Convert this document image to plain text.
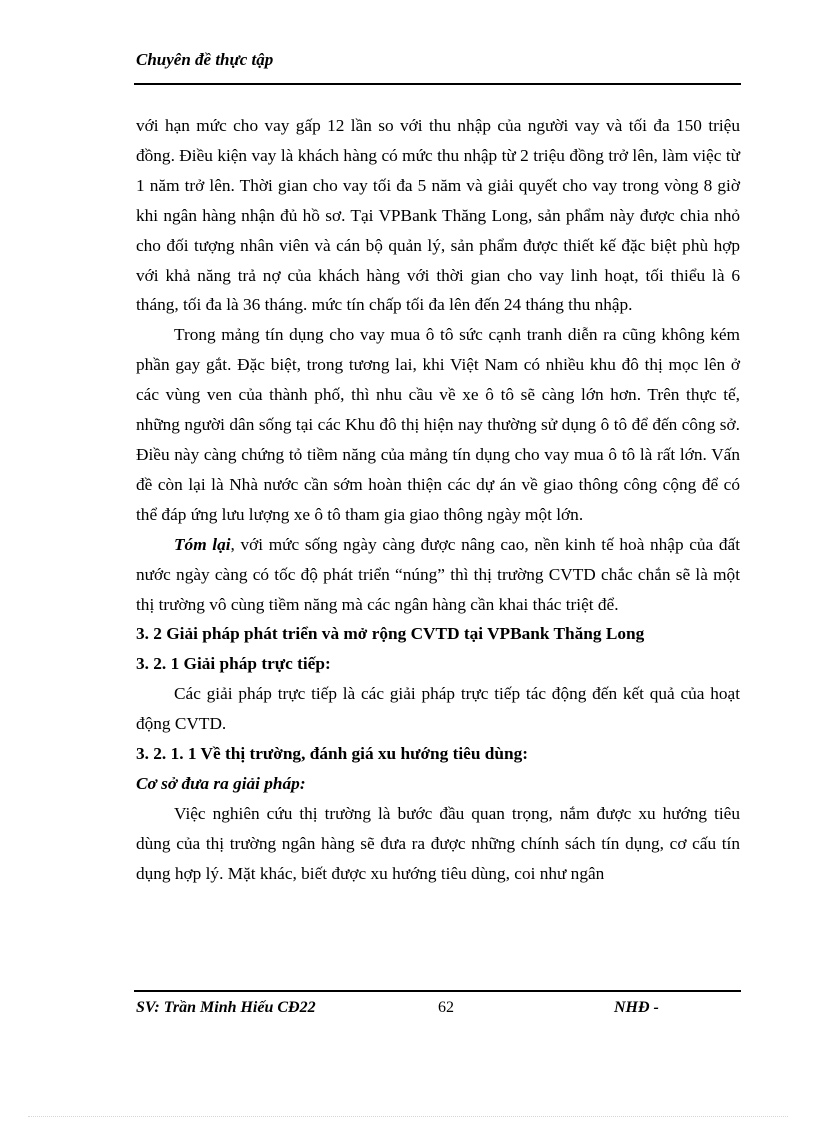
Chuyên đề thực tập

với hạn mức cho vay gấp 12 lần so với thu nhập của người vay và tối đa 150 triệu đồng. Điều kiện vay là khách hàng có mức thu nhập từ 2 triệu đồng trở lên, làm việc từ 1 năm trở lên. Thời gian cho vay tối đa 5 năm và giải quyết cho vay trong vòng 8 giờ khi ngân hàng nhận đủ hồ sơ. Tại VPBank Thăng Long, sản phẩm này được chia nhỏ cho đối tượng nhân viên và cán bộ quản lý, sản phẩm được thiết kế đặc biệt phù hợp với khả năng trả nợ của khách hàng với thời gian cho vay linh hoạt, tối thiểu là 6 tháng, tối đa là 36 tháng. mức tín chấp tối đa lên đến 24 tháng thu nhập.

Trong mảng tín dụng cho vay mua ô tô sức cạnh tranh diễn ra cũng không kém phần gay gắt. Đặc biệt, trong tương lai, khi Việt Nam có nhiều khu đô thị mọc lên ở các vùng ven của thành phố, thì nhu cầu về xe ô tô sẽ càng lớn hơn. Trên thực tế, những người dân sống tại các Khu đô thị hiện nay thường sử dụng ô tô để đến công sở. Điều này càng chứng tỏ tiềm năng của mảng tín dụng cho vay mua ô tô là rất lớn. Vấn đề còn lại là Nhà nước cần sớm hoàn thiện các dự án về giao thông công cộng để có thể đáp ứng lưu lượng xe ô tô tham gia giao thông ngày một lớn.

Tóm lại, với mức sống ngày càng được nâng cao, nền kinh tế hoà nhập của đất nước ngày càng có tốc độ phát triển “núng” thì thị trường CVTD chắc chắn sẽ là một thị trường vô cùng tiềm năng mà các ngân hàng cần khai thác triệt để.

3. 2 Giải pháp phát triển và mở rộng CVTD tại VPBank Thăng Long
3. 2. 1 Giải pháp trực tiếp:

Các giải pháp trực tiếp là các giải pháp trực tiếp tác động đến kết quả của hoạt động CVTD.

3. 2. 1. 1 Về thị trường, đánh giá xu hướng tiêu dùng:
Cơ sở đưa ra giải pháp:

Việc nghiên cứu thị trường là bước đầu quan trọng, nắm được xu hướng tiêu dùng của thị trường ngân hàng sẽ đưa ra được những chính sách tín dụng, cơ cấu tín dụng hợp lý. Mặt khác, biết được xu hướng tiêu dùng, coi như ngân

SV: Trần Minh Hiếu CĐ22	62	NHĐ -
